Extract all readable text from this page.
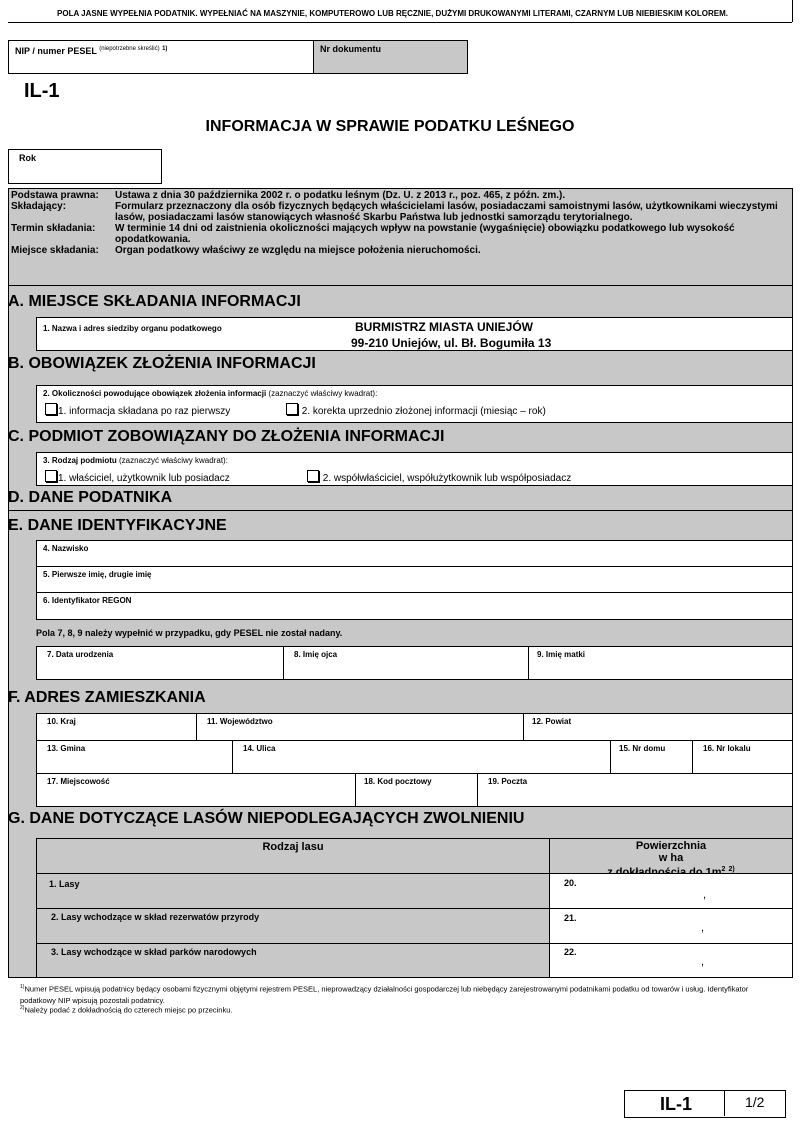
POLA JASNE WYPEŁNIA PODATNIK. WYPEŁNIAĆ NA MASZYNIE, KOMPUTEROWO LUB RĘCZNIE, DUŻYMI DRUKOWANYMI LITERAMI, CZARNYM LUB NIEBIESKIM KOLOREM.
NIP / numer PESEL $^{(niepotrzebne skreślić)}$ $^{1)}$	Nr dokumentu
IL-1
INFORMACJA W SPRAWIE PODATKU LEŚNEGO
Rok
Podstawa prawna:	Ustawa z dnia 30 października 2002 r. o podatku leśnym (Dz. U. z 2013 r., poz. 465, z późn. zm.).
Składający:	Formularz przeznaczony dla osób fizycznych będących właścicielami lasów, posiadaczami samoistnymi lasów, użytkownikami wieczystymi lasów, posiadaczami lasów stanowiących własność Skarbu Państwa lub jednostki samorządu terytorialnego.
Termin składania:	W terminie 14 dni od zaistnienia okoliczności mających wpływ na powstanie (wygaśnięcie) obowiązku podatkowego lub wysokość opodatkowania.
Miejsce składania:	Organ podatkowy właściwy ze względu na miejsce położenia nieruchomości.
A. MIEJSCE SKŁADANIA INFORMACJI
1. Nazwa i adres siedziby organu podatkowego	BURMISTRZ MIASTA UNIEJÓW
99-210 Uniejów, ul. Bł. Bogumiła 13
B. OBOWIĄZEK ZŁOŻENIA INFORMACJI
2. Okoliczności powodujące obowiązek złożenia informacji (zaznaczyć właściwy kwadrat):
1. informacja składana po raz pierwszy	2. korekta uprzednio złożonej informacji (miesiąc – rok)
C. PODMIOT ZOBOWIĄZANY DO ZŁOŻENIA INFORMACJI
3. Rodzaj podmiotu (zaznaczyć właściwy kwadrat):
1. właściciel, użytkownik lub posiadacz	2. współwłaściciel, współużytkownik lub współposiadacz
D. DANE PODATNIKA
E. DANE IDENTYFIKACYJNE
4. Nazwisko
5. Pierwsze imię, drugie imię
6. Identyfikator REGON
Pola 7, 8, 9 należy wypełnić w przypadku, gdy PESEL nie został nadany.
7. Data urodzenia	8. Imię ojca	9. Imię matki
F. ADRES ZAMIESZKANIA
10. Kraj	11. Województwo	12. Powiat
13. Gmina	14. Ulica	15. Nr domu	16. Nr lokalu
17. Miejscowość	18. Kod pocztowy	19. Poczta
G. DANE DOTYCZĄCE LASÓW NIEPODLEGAJĄCYCH ZWOLNIENIU
Rodzaj lasu	Powierzchnia
w ha
$^2$ $^{2)}$
1. Lasy	20.
,
2. Lasy wchodzące w skład rezerwatów przyrody	21.
,
3. Lasy wchodzące w skład parków narodowych	22.
,
$^{1)}$Numer PESEL wpisują podatnicy będący osobami fizycznymi objętymi rejestrem PESEL, nieprowadzący działalności gospodarczej lub niebędący zarejestrowanymi podatnikami podatku od towarów i usług. Identyfikator podatkowy NIP wpisują pozostali podatnicy.
$^{2)}$Należy podać z dokładnością do czterech miejsc po przecinku.
IL-1	1/2
